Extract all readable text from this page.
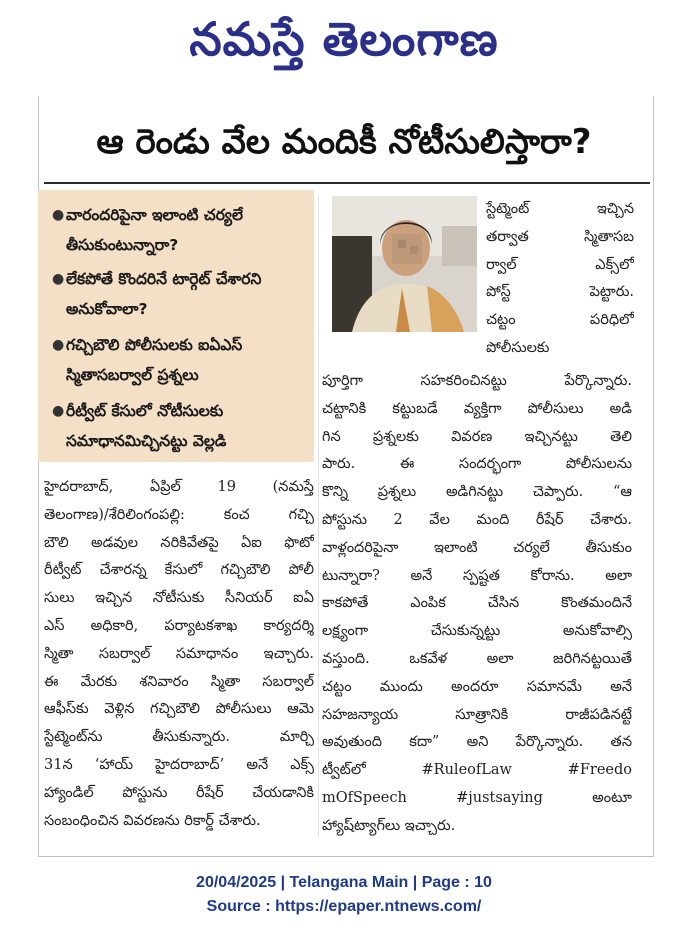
నమస్తే తెలంగాణ
ఆ రెండు వేల మందికీ నోటీసులిస్తారా?
● వారందరిపైనా ఇలాంటి చర్యలే తీసుకుంటున్నారా?
● లేకపోతే కొందరినే టార్గెట్ చేశారని అనుకోవాలా?
● గచ్చిబౌలి పోలీసులకు ఐఏఎస్ స్మితాసబర్వాల్ ప్రశ్నలు
● రీట్వీట్ కేసులో నోటీసులకు సమాధానమిచ్చినట్టు వెల్లడి
స్టేట్మెంట్ ఇచ్చిన
తర్వాత స్మితాసబ
ర్వాల్ ఎక్స్‌లో
పోస్ట్ పెట్టారు.
చట్టం పరిధిలో
పోలీసులకు
పూర్తిగా సహకరించినట్టు పేర్కొన్నారు.
చట్టానికి కట్టుబడే వ్యక్తిగా పోలీసులు అడి
గిన ప్రశ్నలకు వివరణ ఇచ్చినట్టు తెలి
పారు. ఈ సందర్భంగా పోలీసులను
కొన్ని ప్రశ్నలు అడిగినట్టు చెప్పారు. “ఆ
పోస్టును 2 వేల మంది రీషేర్ చేశారు.
వాళ్లందరిపైనా ఇలాంటి చర్యలే తీసుకుం
టున్నారా? అనే స్పష్టత కోరాను. అలా
కాకపోతే ఎంపిక చేసిన కొంతమందినే
లక్ష్యంగా చేసుకున్నట్టు అనుకోవాల్సి
వస్తుంది. ఒకవేళ అలా జరిగినట్టయితే
చట్టం ముందు అందరూ సమానమే అనే
సహజన్యాయ సూత్రానికి రాజీపడినట్టే
అవుతుంది కదా” అని పేర్కొన్నారు. తన
ట్వీట్‌లో #RuleofLaw #Freedo
mOfSpeech #justsaying అంటూ
హ్యాష్‌ట్యాగ్‌లు ఇచ్చారు.
హైదరాబాద్, ఏప్రిల్ 19 (నమస్తే
తెలంగాణ)/శేరిలింగంపల్లి: కంచ గచ్చి
బౌలి అడవుల నరికివేతపై ఏఐ ఫొటో
రీట్వీట్ చేశారన్న కేసులో గచ్చిబౌలి పోలీ
సులు ఇచ్చిన నోటీసుకు సీనియర్ ఐఏ
ఎస్ అధికారి, పర్యాటకశాఖ కార్యదర్శి
స్మితా సబర్వాల్ సమాధానం ఇచ్చారు.
ఈ మేరకు శనివారం స్మితా సబర్వాల్
ఆఫీస్‌కు వెళ్లిన గచ్చిబౌలి పోలీసులు ఆమె
స్టేట్మెంట్‌ను తీసుకున్నారు. మార్చి
31న ‘హాయ్ హైదరాబాద్’ అనే ఎక్స్
హ్యాండిల్ పోస్టును రీషేర్ చేయడానికి
సంబంధించిన వివరణను రికార్డ్ చేశారు.
20/04/2025 | Telangana Main | Page : 10
Source : https://epaper.ntnews.com/
